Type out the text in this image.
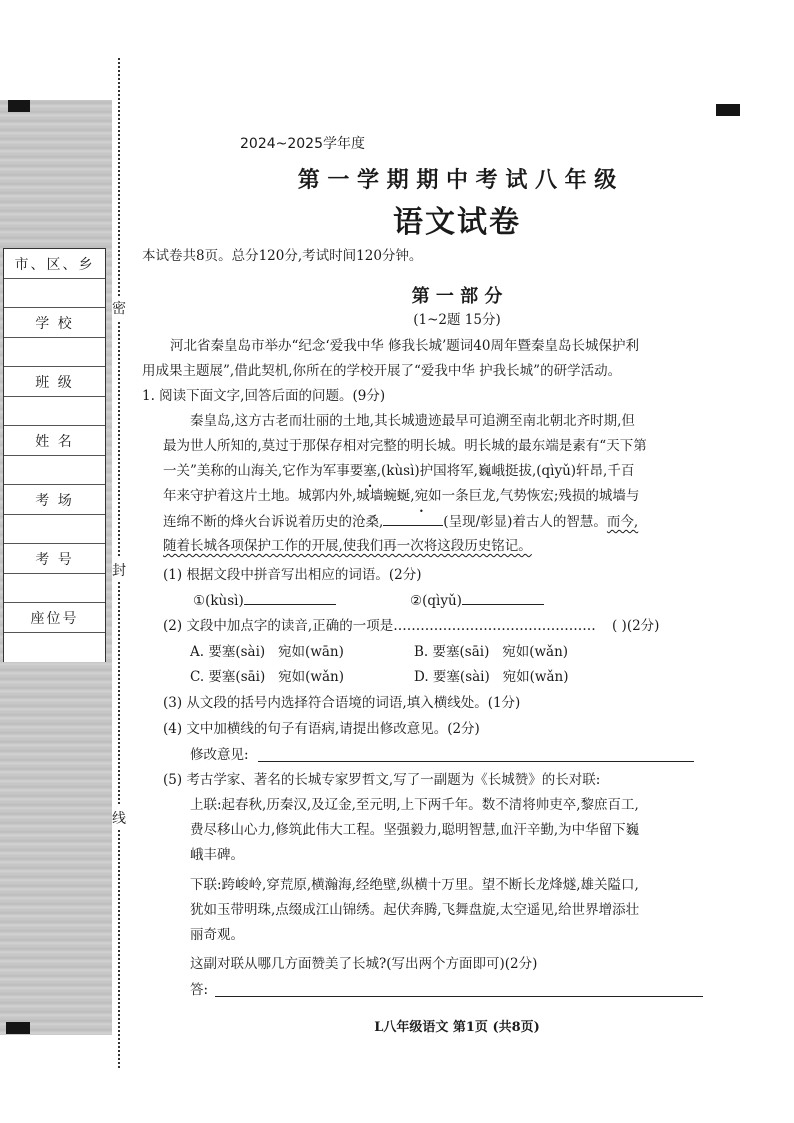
市、区、乡
学 校
班 级
姓 名
考 场
考 号
座位号
密
封
线
2024~2025学年度
第 一 学 期 期 中 考 试 八 年 级
语文试卷
本试卷共8页。总分120分,考试时间120分钟。
第 一 部 分
(1~2题 15分)
河北省秦皇岛市举办“纪念‘爱我中华 修我长城’题词40周年暨秦皇岛长城保护利
用成果主题展”,借此契机,你所在的学校开展了“爱我中华 护我长城”的研学活动。
1. 阅读下面文字,回答后面的问题。(9分)
秦皇岛,这方古老而壮丽的土地,其长城遗迹最早可追溯至南北朝北齐时期,但
最为世人所知的,莫过于那保存相对完整的明长城。明长城的最东端是素有“天下第
一关”美称的山海关,它作为军事要塞,(kùsì)护国将军,巍峨挺拔,(qìyǔ)轩昂,千百
年来守护着这片土地。城郭内外,城墙蜿蜒,宛如一条巨龙,气势恢宏;残损的城墙与
连绵不断的烽火台诉说着历史的沧桑,	(呈现/彰显)着古人的智慧。而今,
随着长城各项保护工作的开展,使我们再一次将这段历史铭记。
(1) 根据文段中拼音写出相应的词语。(2分)
①(kùsì)	②(qìyǔ)
(2) 文段中加点字的读音,正确的一项是……………………………………… ( )(2分)
A. 要塞(sài) 宛如(wān)	B. 要塞(sāi) 宛如(wǎn)
C. 要塞(sāi) 宛如(wǎn)	D. 要塞(sài) 宛如(wǎn)
(3) 从文段的括号内选择符合语境的词语,填入横线处。(1分)
(4) 文中加横线的句子有语病,请提出修改意见。(2分)
修改意见:
(5) 考古学家、著名的长城专家罗哲文,写了一副题为《长城赞》的长对联:
上联:起春秋,历秦汉,及辽金,至元明,上下两千年。数不清将帅吏卒,黎庶百工,
费尽移山心力,修筑此伟大工程。坚强毅力,聪明智慧,血汗辛勤,为中华留下巍
峨丰碑。
下联:跨峻岭,穿荒原,横瀚海,经绝壁,纵横十万里。望不断长龙烽燧,雄关隘口,
犹如玉带明珠,点缀成江山锦绣。起伏奔腾,飞舞盘旋,太空遥见,给世界增添壮
丽奇观。
这副对联从哪几方面赞美了长城?(写出两个方面即可)(2分)
答:
L八年级语文 第1页 (共8页)
